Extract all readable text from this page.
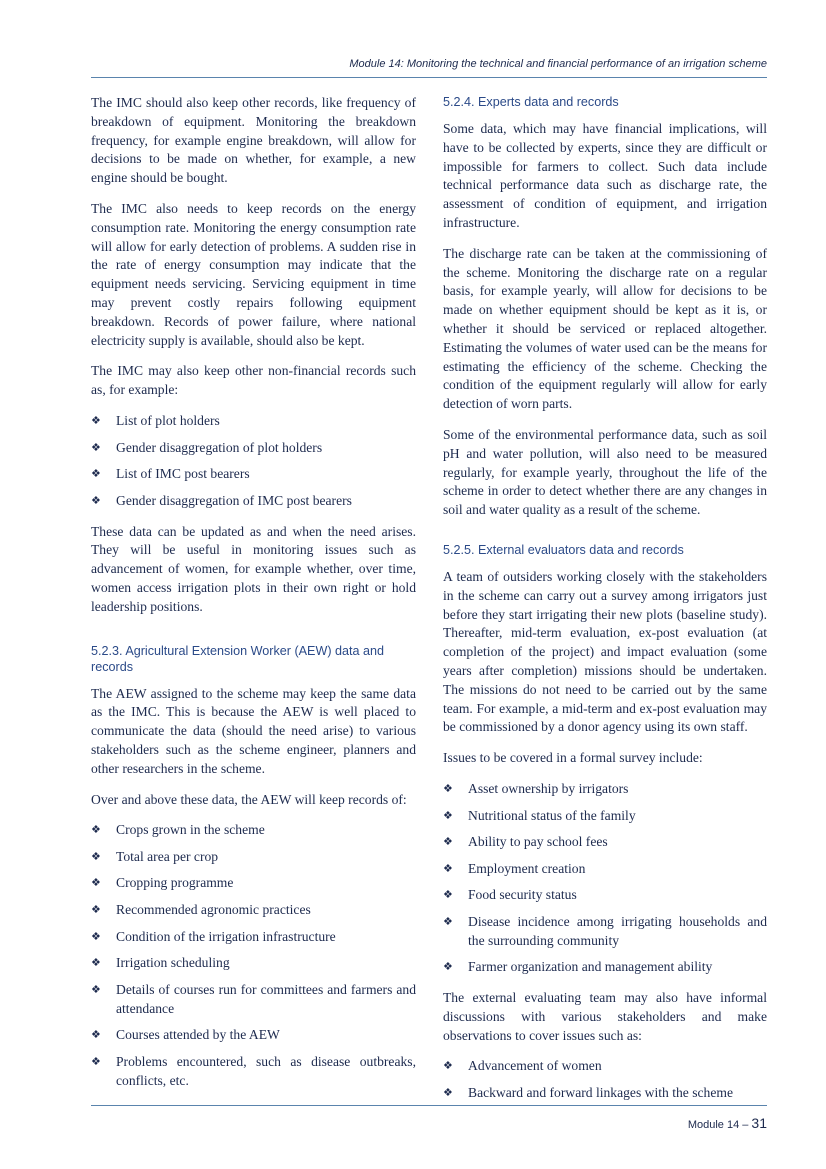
Module 14: Monitoring the technical and financial performance of an irrigation scheme

The IMC should also keep other records, like frequency of breakdown of equipment. Monitoring the breakdown frequency, for example engine breakdown, will allow for decisions to be made on whether, for example, a new engine should be bought.

The IMC also needs to keep records on the energy consumption rate. Monitoring the energy consumption rate will allow for early detection of problems. A sudden rise in the rate of energy consumption may indicate that the equipment needs servicing. Servicing equipment in time may prevent costly repairs following equipment breakdown. Records of power failure, where national electricity supply is available, should also be kept.

The IMC may also keep other non-financial records such as, for example:

❖ List of plot holders
❖ Gender disaggregation of plot holders
❖ List of IMC post bearers
❖ Gender disaggregation of IMC post bearers

These data can be updated as and when the need arises. They will be useful in monitoring issues such as advancement of women, for example whether, over time, women access irrigation plots in their own right or hold leadership positions.

5.2.3. Agricultural Extension Worker (AEW) data and records

The AEW assigned to the scheme may keep the same data as the IMC. This is because the AEW is well placed to communicate the data (should the need arise) to various stakeholders such as the scheme engineer, planners and other researchers in the scheme.

Over and above these data, the AEW will keep records of:

❖ Crops grown in the scheme
❖ Total area per crop
❖ Cropping programme
❖ Recommended agronomic practices
❖ Condition of the irrigation infrastructure
❖ Irrigation scheduling
❖ Details of courses run for committees and farmers and attendance
❖ Courses attended by the AEW
❖ Problems encountered, such as disease outbreaks, conflicts, etc.
5.2.4. Experts data and records

Some data, which may have financial implications, will have to be collected by experts, since they are difficult or impossible for farmers to collect. Such data include technical performance data such as discharge rate, the assessment of condition of equipment, and irrigation infrastructure.

The discharge rate can be taken at the commissioning of the scheme. Monitoring the discharge rate on a regular basis, for example yearly, will allow for decisions to be made on whether equipment should be kept as it is, or whether it should be serviced or replaced altogether. Estimating the volumes of water used can be the means for estimating the efficiency of the scheme. Checking the condition of the equipment regularly will allow for early detection of worn parts.

Some of the environmental performance data, such as soil pH and water pollution, will also need to be measured regularly, for example yearly, throughout the life of the scheme in order to detect whether there are any changes in soil and water quality as a result of the scheme.

5.2.5. External evaluators data and records

A team of outsiders working closely with the stakeholders in the scheme can carry out a survey among irrigators just before they start irrigating their new plots (baseline study). Thereafter, mid-term evaluation, ex-post evaluation (at completion of the project) and impact evaluation (some years after completion) missions should be undertaken. The missions do not need to be carried out by the same team. For example, a mid-term and ex-post evaluation may be commissioned by a donor agency using its own staff.

Issues to be covered in a formal survey include:

❖ Asset ownership by irrigators
❖ Nutritional status of the family
❖ Ability to pay school fees
❖ Employment creation
❖ Food security status
❖ Disease incidence among irrigating households and the surrounding community
❖ Farmer organization and management ability

The external evaluating team may also have informal discussions with various stakeholders and make observations to cover issues such as:

❖ Advancement of women
❖ Backward and forward linkages with the scheme
Module 14 – 31
